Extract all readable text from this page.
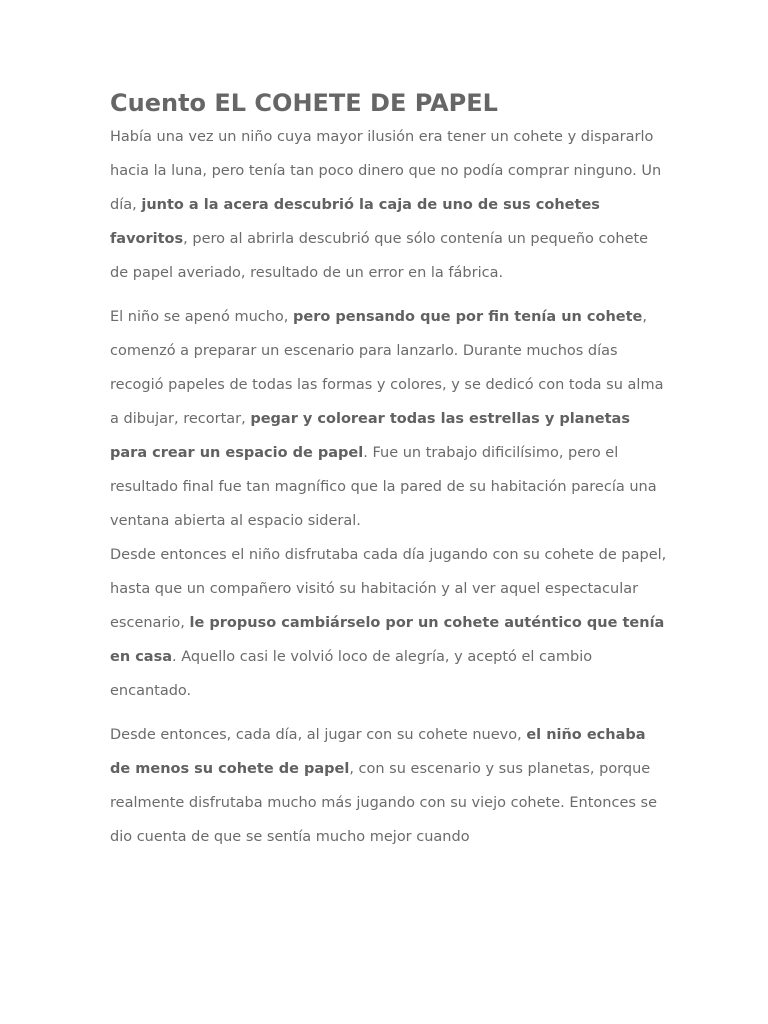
Cuento EL COHETE DE PAPEL

Había una vez un niño cuya mayor ilusión era tener un cohete y dispararlo hacia la luna, pero tenía tan poco dinero que no podía comprar ninguno. Un día, junto a la acera descubrió la caja de uno de sus cohetes favoritos, pero al abrirla descubrió que sólo contenía un pequeño cohete de papel averiado, resultado de un error en la fábrica.

El niño se apenó mucho, pero pensando que por fin tenía un cohete, comenzó a preparar un escenario para lanzarlo. Durante muchos días recogió papeles de todas las formas y colores, y se dedicó con toda su alma a dibujar, recortar, pegar y colorear todas las estrellas y planetas para crear un espacio de papel. Fue un trabajo dificilísimo, pero el resultado final fue tan magnífico que la pared de su habitación parecía una ventana abierta al espacio sideral.

Desde entonces el niño disfrutaba cada día jugando con su cohete de papel, hasta que un compañero visitó su habitación y al ver aquel espectacular escenario, le propuso cambiárselo por un cohete auténtico que tenía en casa. Aquello casi le volvió loco de alegría, y aceptó el cambio encantado.

Desde entonces, cada día, al jugar con su cohete nuevo, el niño echaba de menos su cohete de papel, con su escenario y sus planetas, porque realmente disfrutaba mucho más jugando con su viejo cohete. Entonces se dio cuenta de que se sentía mucho mejor cuando
